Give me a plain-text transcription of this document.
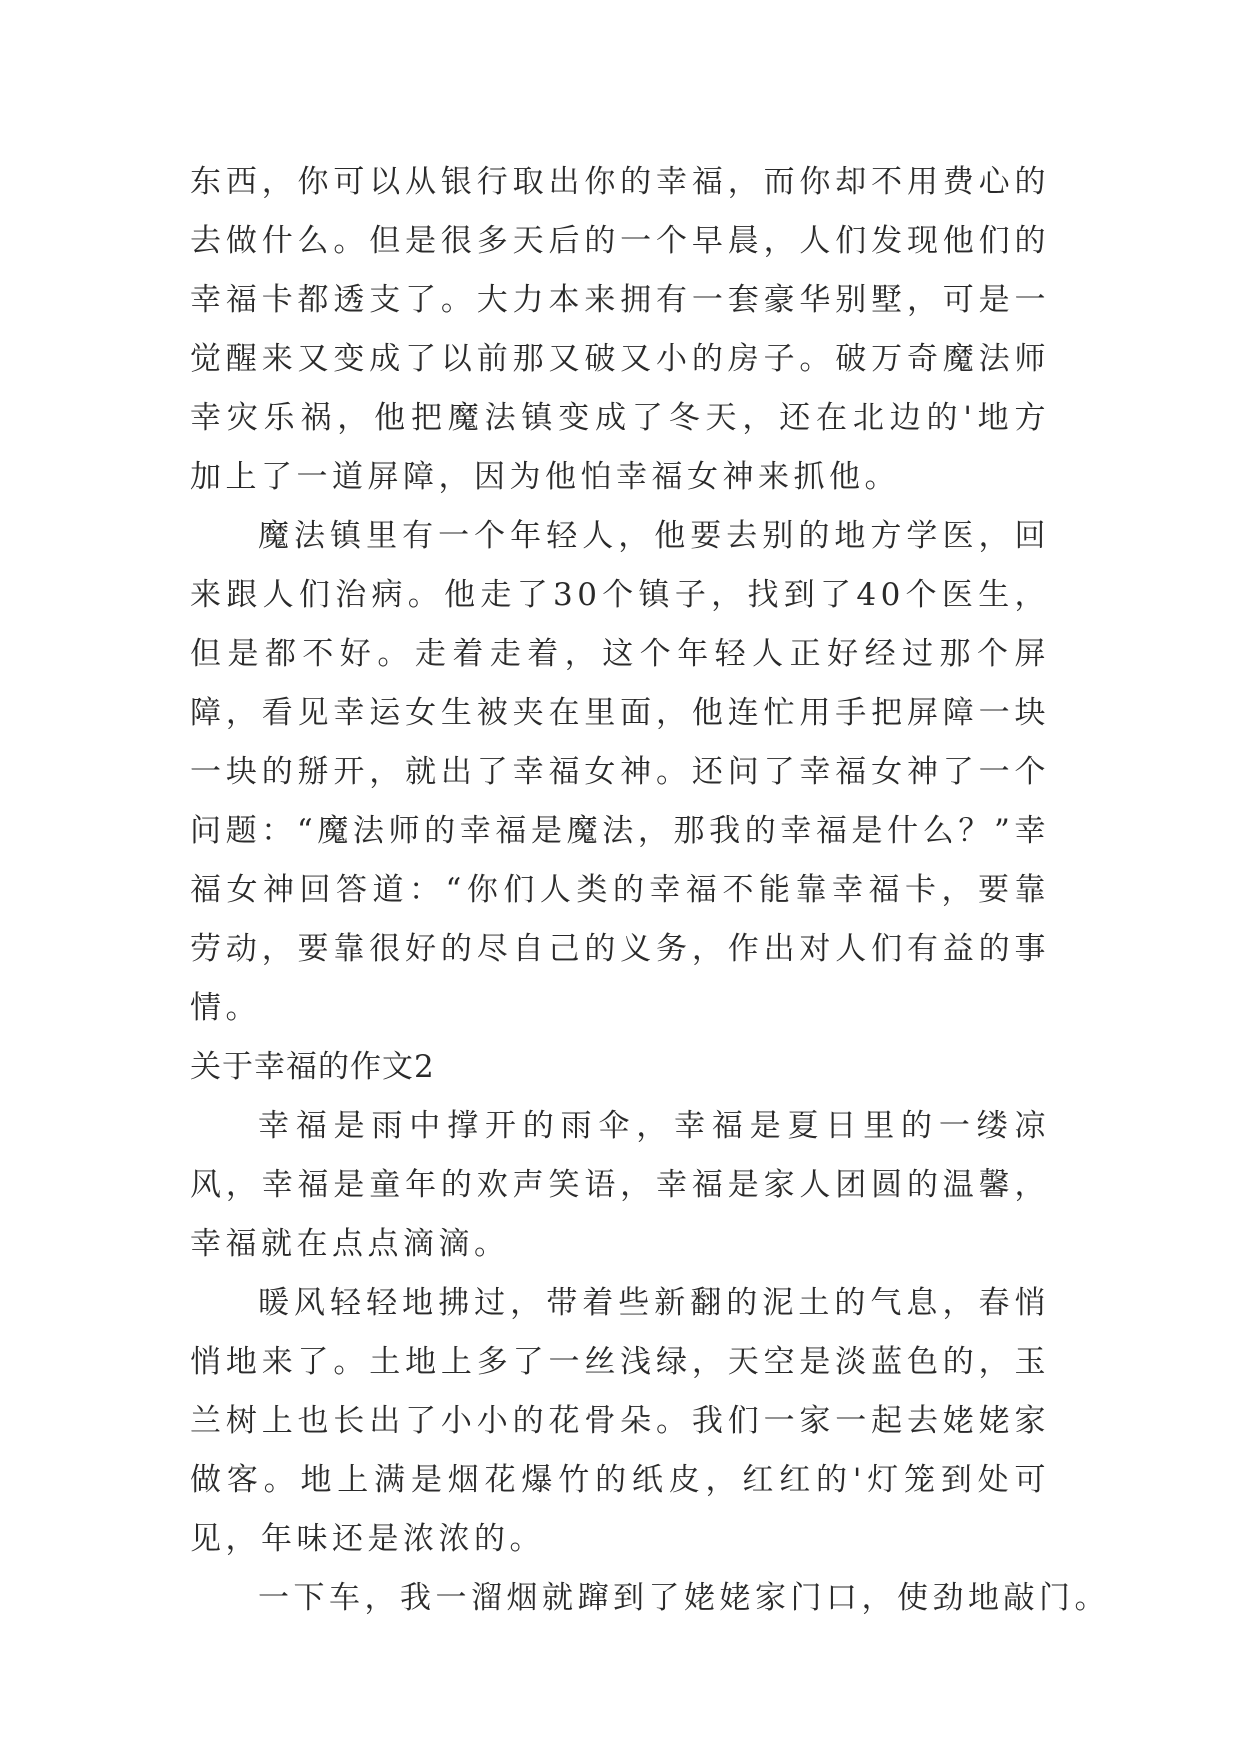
东西，你可以从银行取出你的幸福，而你却不用费心的去做什么。但是很多天后的一个早晨，人们发现他们的幸福卡都透支了。大力本来拥有一套豪华别墅，可是一觉醒来又变成了以前那又破又小的房子。破万奇魔法师幸灾乐祸，他把魔法镇变成了冬天，还在北边的'地方加上了一道屏障，因为他怕幸福女神来抓他。

魔法镇里有一个年轻人，他要去别的地方学医，回来跟人们治病。他走了30个镇子，找到了40个医生，但是都不好。走着走着，这个年轻人正好经过那个屏障，看见幸运女生被夹在里面，他连忙用手把屏障一块一块的掰开，就出了幸福女神。还问了幸福女神了一个问题：“魔法师的幸福是魔法，那我的幸福是什么？”幸福女神回答道：“你们人类的幸福不能靠幸福卡，要靠劳动，要靠很好的尽自己的义务，作出对人们有益的事情。

关于幸福的作文2

幸福是雨中撑开的雨伞，幸福是夏日里的一缕凉风，幸福是童年的欢声笑语，幸福是家人团圆的温馨，幸福就在点点滴滴。

暖风轻轻地拂过，带着些新翻的泥土的气息，春悄悄地来了。土地上多了一丝浅绿，天空是淡蓝色的，玉兰树上也长出了小小的花骨朵。我们一家一起去姥姥家做客。地上满是烟花爆竹的纸皮，红红的'灯笼到处可见，年味还是浓浓的。

一下车，我一溜烟就蹿到了姥姥家门口，使劲地敲门。
